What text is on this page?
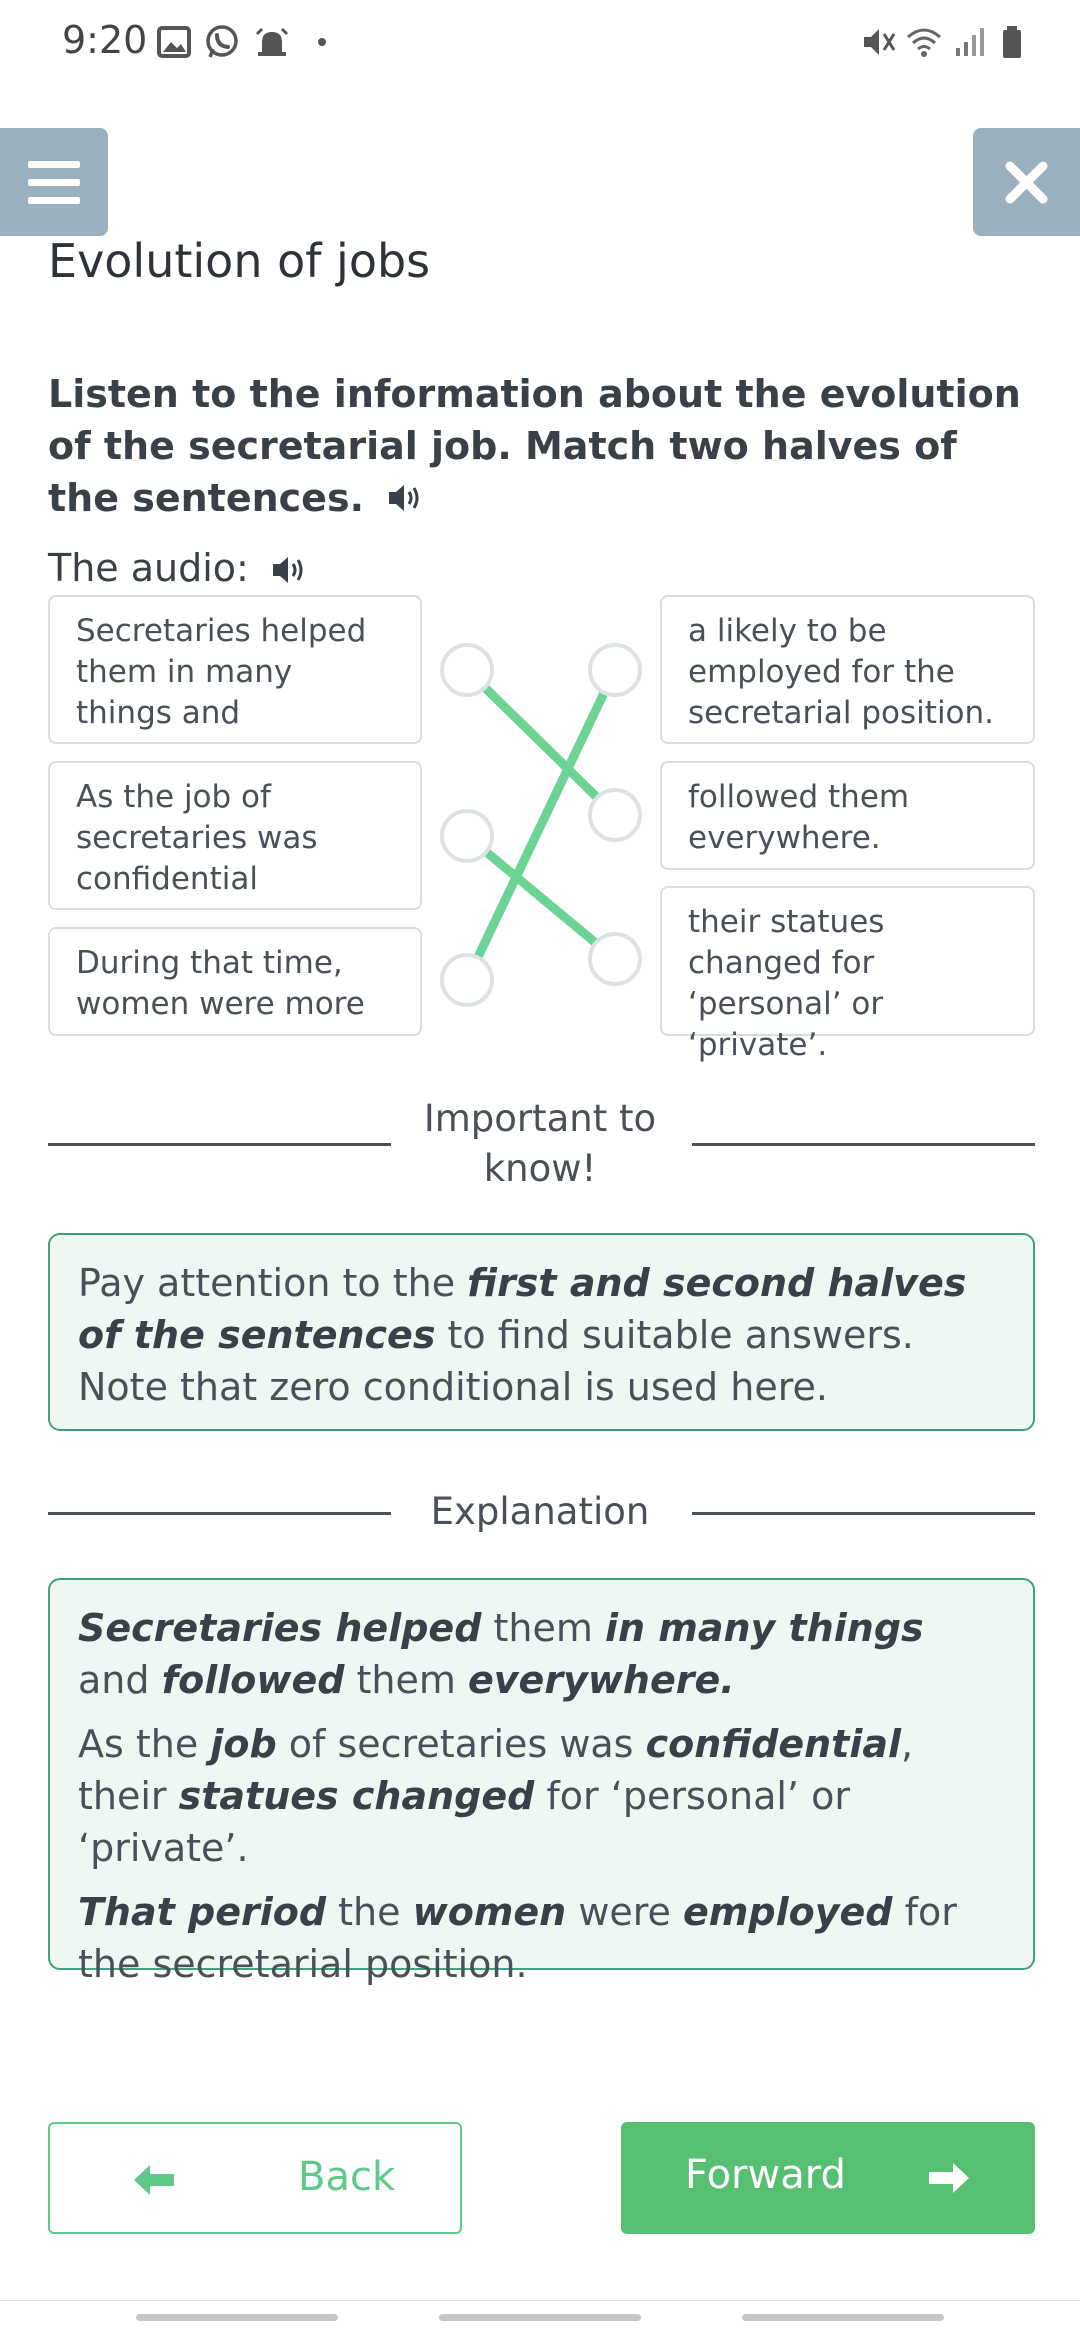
9:20
Evolution of jobs
Listen to the information about the evolution of the secretarial job. Match two halves of the sentences.
The audio:
Secretaries helped them in many things and
As the job of secretaries was confidential
During that time, women were more
a likely to be employed for the secretarial position.
followed them everywhere.
their statues changed for ‘personal’ or ‘private’.
Important to know!

Pay attention to the first and second halves of the sentences to find suitable answers. Note that zero conditional is used here.

Explanation

Secretaries helped them in many things and followed them everywhere.

As the job of secretaries was confidential, their statues changed for ‘personal’ or ‘private’.

That period the women were employed for the secretarial position.

Back	Forward
